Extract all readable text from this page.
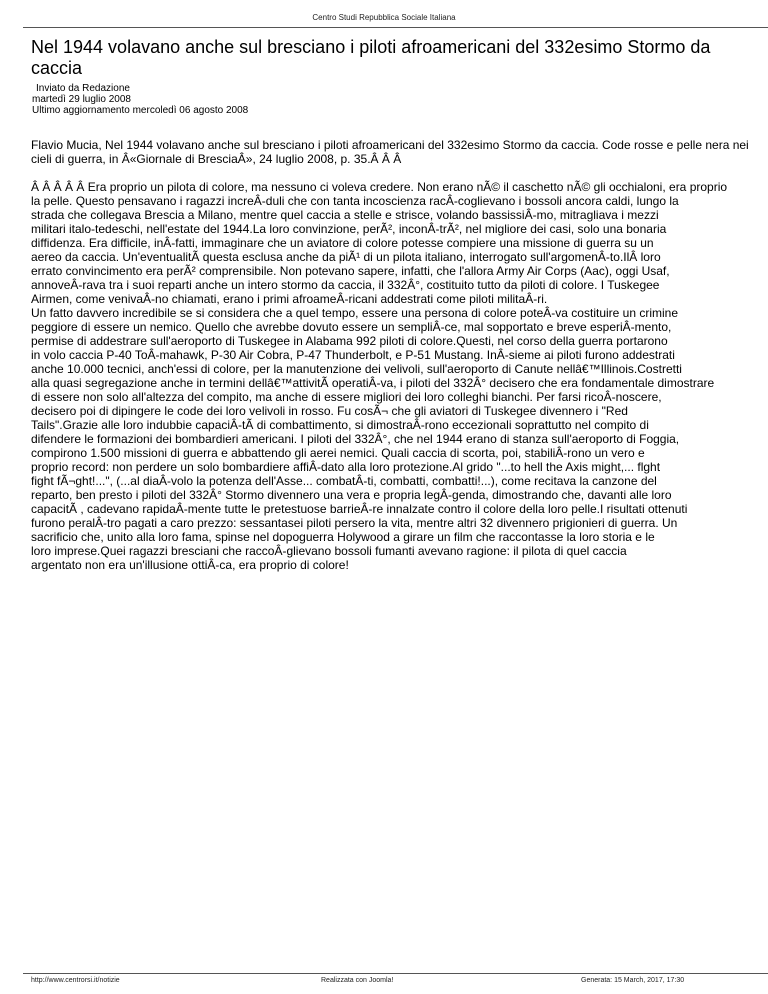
Centro Studi Repubblica Sociale Italiana
Nel 1944 volavano anche sul bresciano i piloti afroamericani del 332esimo Stormo da caccia
Inviato da Redazione
martedì 29 luglio 2008
Ultimo aggiornamento mercoledì 06 agosto 2008

Flavio Mucia, Nel 1944 volavano anche sul bresciano i piloti afroamericani del 332esimo Stormo da caccia. Code rosse e pelle nera nei cieli di guerra, in Â«Giornale di BresciaÂ», 24 luglio 2008, p. 35.Â Â Â

Â Â Â Â Â Era proprio un pilota di colore, ma nessuno ci voleva credere. Non erano nÃ© il caschetto nÃ© gli occhialoni, era proprio

la pelle. Questo pensavano i ragazzi increÂ-duli che con tanta incoscienza racÂ-coglievano i bossoli ancora caldi, lungo la

strada che collegava Brescia a Milano, mentre quel caccia a stelle e strisce, volando bassissiÂ-mo, mitragliava i mezzi

militari italo-tedeschi, nell'estate del 1944.La loro convinzione, perÃ², inconÂ-trÃ², nel migliore dei casi, solo una bonaria

diffidenza. Era difficile, inÂ-fatti, immaginare che un aviatore di colore potesse compiere una missione di guerra su un

aereo da caccia. Un'eventualitÃ questa esclusa anche da piÃ¹ di un pilota italiano, interrogato sull'argomenÂ-to.IlÂ loro

errato convincimento era perÃ² comprensibile. Non potevano sapere, infatti, che l'allora Army Air Corps (Aac), oggi Usaf,

annoveÂ-rava tra i suoi reparti anche un intero stormo da caccia, il 332Â°, costituito tutto da piloti di colore. I Tuskegee

Airmen, come venivaÂ-no chiamati, erano i primi afroameÂ-ricani addestrati come piloti militaÂ-ri.

Un fatto davvero incredibile se si considera che a quel tempo, essere una persona di colore poteÂ-va costituire un crimine

peggiore di essere un nemico. Quello che avrebbe dovuto essere un sempliÂ-ce, mal sopportato e breve esperiÂ-mento,

permise di addestrare sull'aeroporto di Tuskegee in Alabama 992 piloti di colore.Questi, nel corso della guerra portarono

in volo caccia P-40 ToÂ-mahawk, P-30 Air Cobra, P-47 Thunderbolt, e P-51 Mustang. InÂ-sieme ai piloti furono addestrati

anche 10.000 tecnici, anch'essi di colore, per la manutenzione dei velivoli, sull'aeroporto di Canute nellâ€™Illinois.Costretti

alla quasi segregazione anche in termini dellâ€™attivitÃ operatiÂ-va, i piloti del 332Â° decisero che era fondamentale dimostrare

di essere non solo all'altezza del compito, ma anche di essere migliori dei loro colleghi bianchi. Per farsi ricoÂ-noscere,

decisero poi di dipingere le code dei loro velivoli in rosso. Fu cosÃ¬ che gli aviatori di Tuskegee divennero i "Red

Tails".Grazie alle loro indubbie capaciÂ-tÃ di combattimento, si dimostraÂ-rono eccezionali soprattutto nel compito di

difendere le formazioni dei bombardieri americani. I piloti del 332Â°, che nel 1944 erano di stanza sull'aeroporto di Foggia,

compirono 1.500 missioni di guerra e abbattendo gli aerei nemici. Quali caccia di scorta, poi, stabiliÂ-rono un vero e

proprio record: non perdere un solo bombardiere affiÂ-dato alla loro protezione.Al grido "...to hell the Axis might,... flght

fight fÃ¬ght!...", (...al diaÂ-volo la potenza dell'Asse... combatÂ-ti, combatti, combatti!...), come recitava la canzone del

reparto, ben presto i piloti del 332Â° Stormo divennero una vera e propria legÂ-genda, dimostrando che, davanti alle loro

capacitÃ , cadevano rapidaÂ-mente tutte le pretestuose barrieÂ-re innalzate contro il colore della loro pelle.I risultati ottenuti

furono peralÂ-tro pagati a caro prezzo: sessantasei piloti persero la vita, mentre altri 32 divennero prigionieri di guerra. Un

sacrificio che, unito alla loro fama, spinse nel dopoguerra Holywood a girare un film che raccontasse la loro storia e le

loro imprese.Quei ragazzi bresciani che raccoÂ-glievano bossoli fumanti avevano ragione: il pilota di quel caccia

argentato non era un'illusione ottiÂ-ca, era proprio di colore!

http://www.centrorsi.it/notizie	Realizzata con Joomla!	Generata: 15 March, 2017, 17:30
